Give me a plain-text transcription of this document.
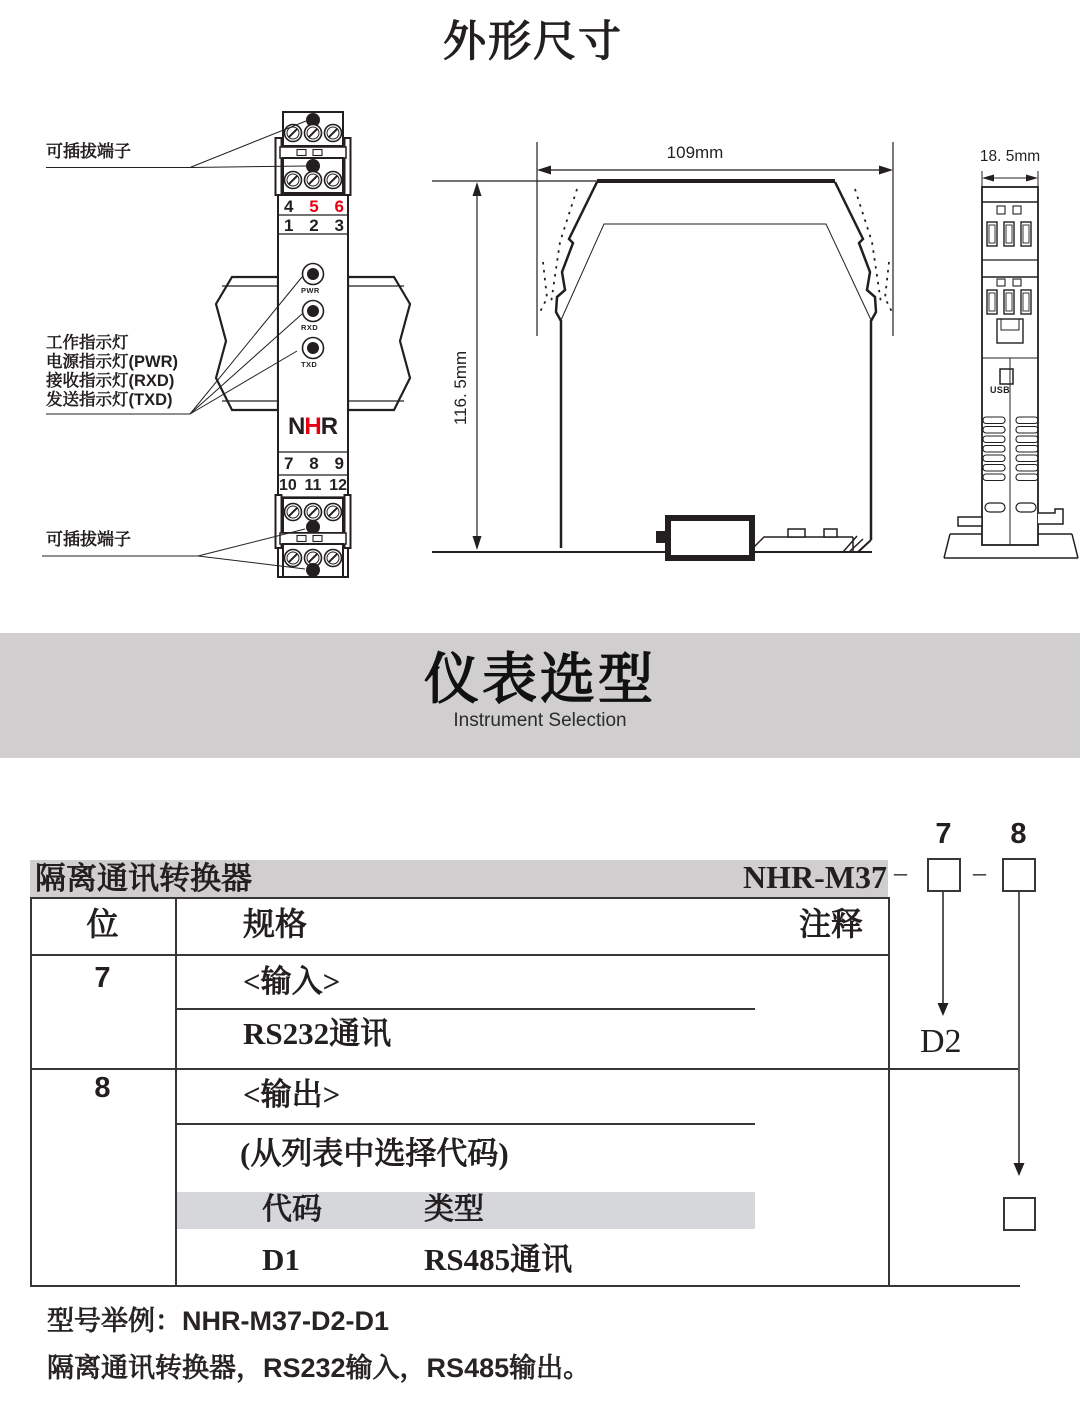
外形尺寸
可插拔端子
工作指示灯
电源指示灯(PWR)
接收指示灯(RXD)
发送指示灯(TXD)
可插拔端子
PWR
RXD
TXD
4 5 6
1 2 3
7 8 9
10 11 12
NHR
109mm
116. 5mm
18. 5mm
USB
仪表选型
Instrument Selection
隔离通讯转换器	NHR-M37
7 8
–	–
D2
位	规格	注释
7	<输入>
RS232通讯
8	<输出>
(从列表中选择代码)
代码	类型
D1	RS485通讯
型号举例：NHR-M37-D2-D1
隔离通讯转换器，RS232输入，RS485输出。
